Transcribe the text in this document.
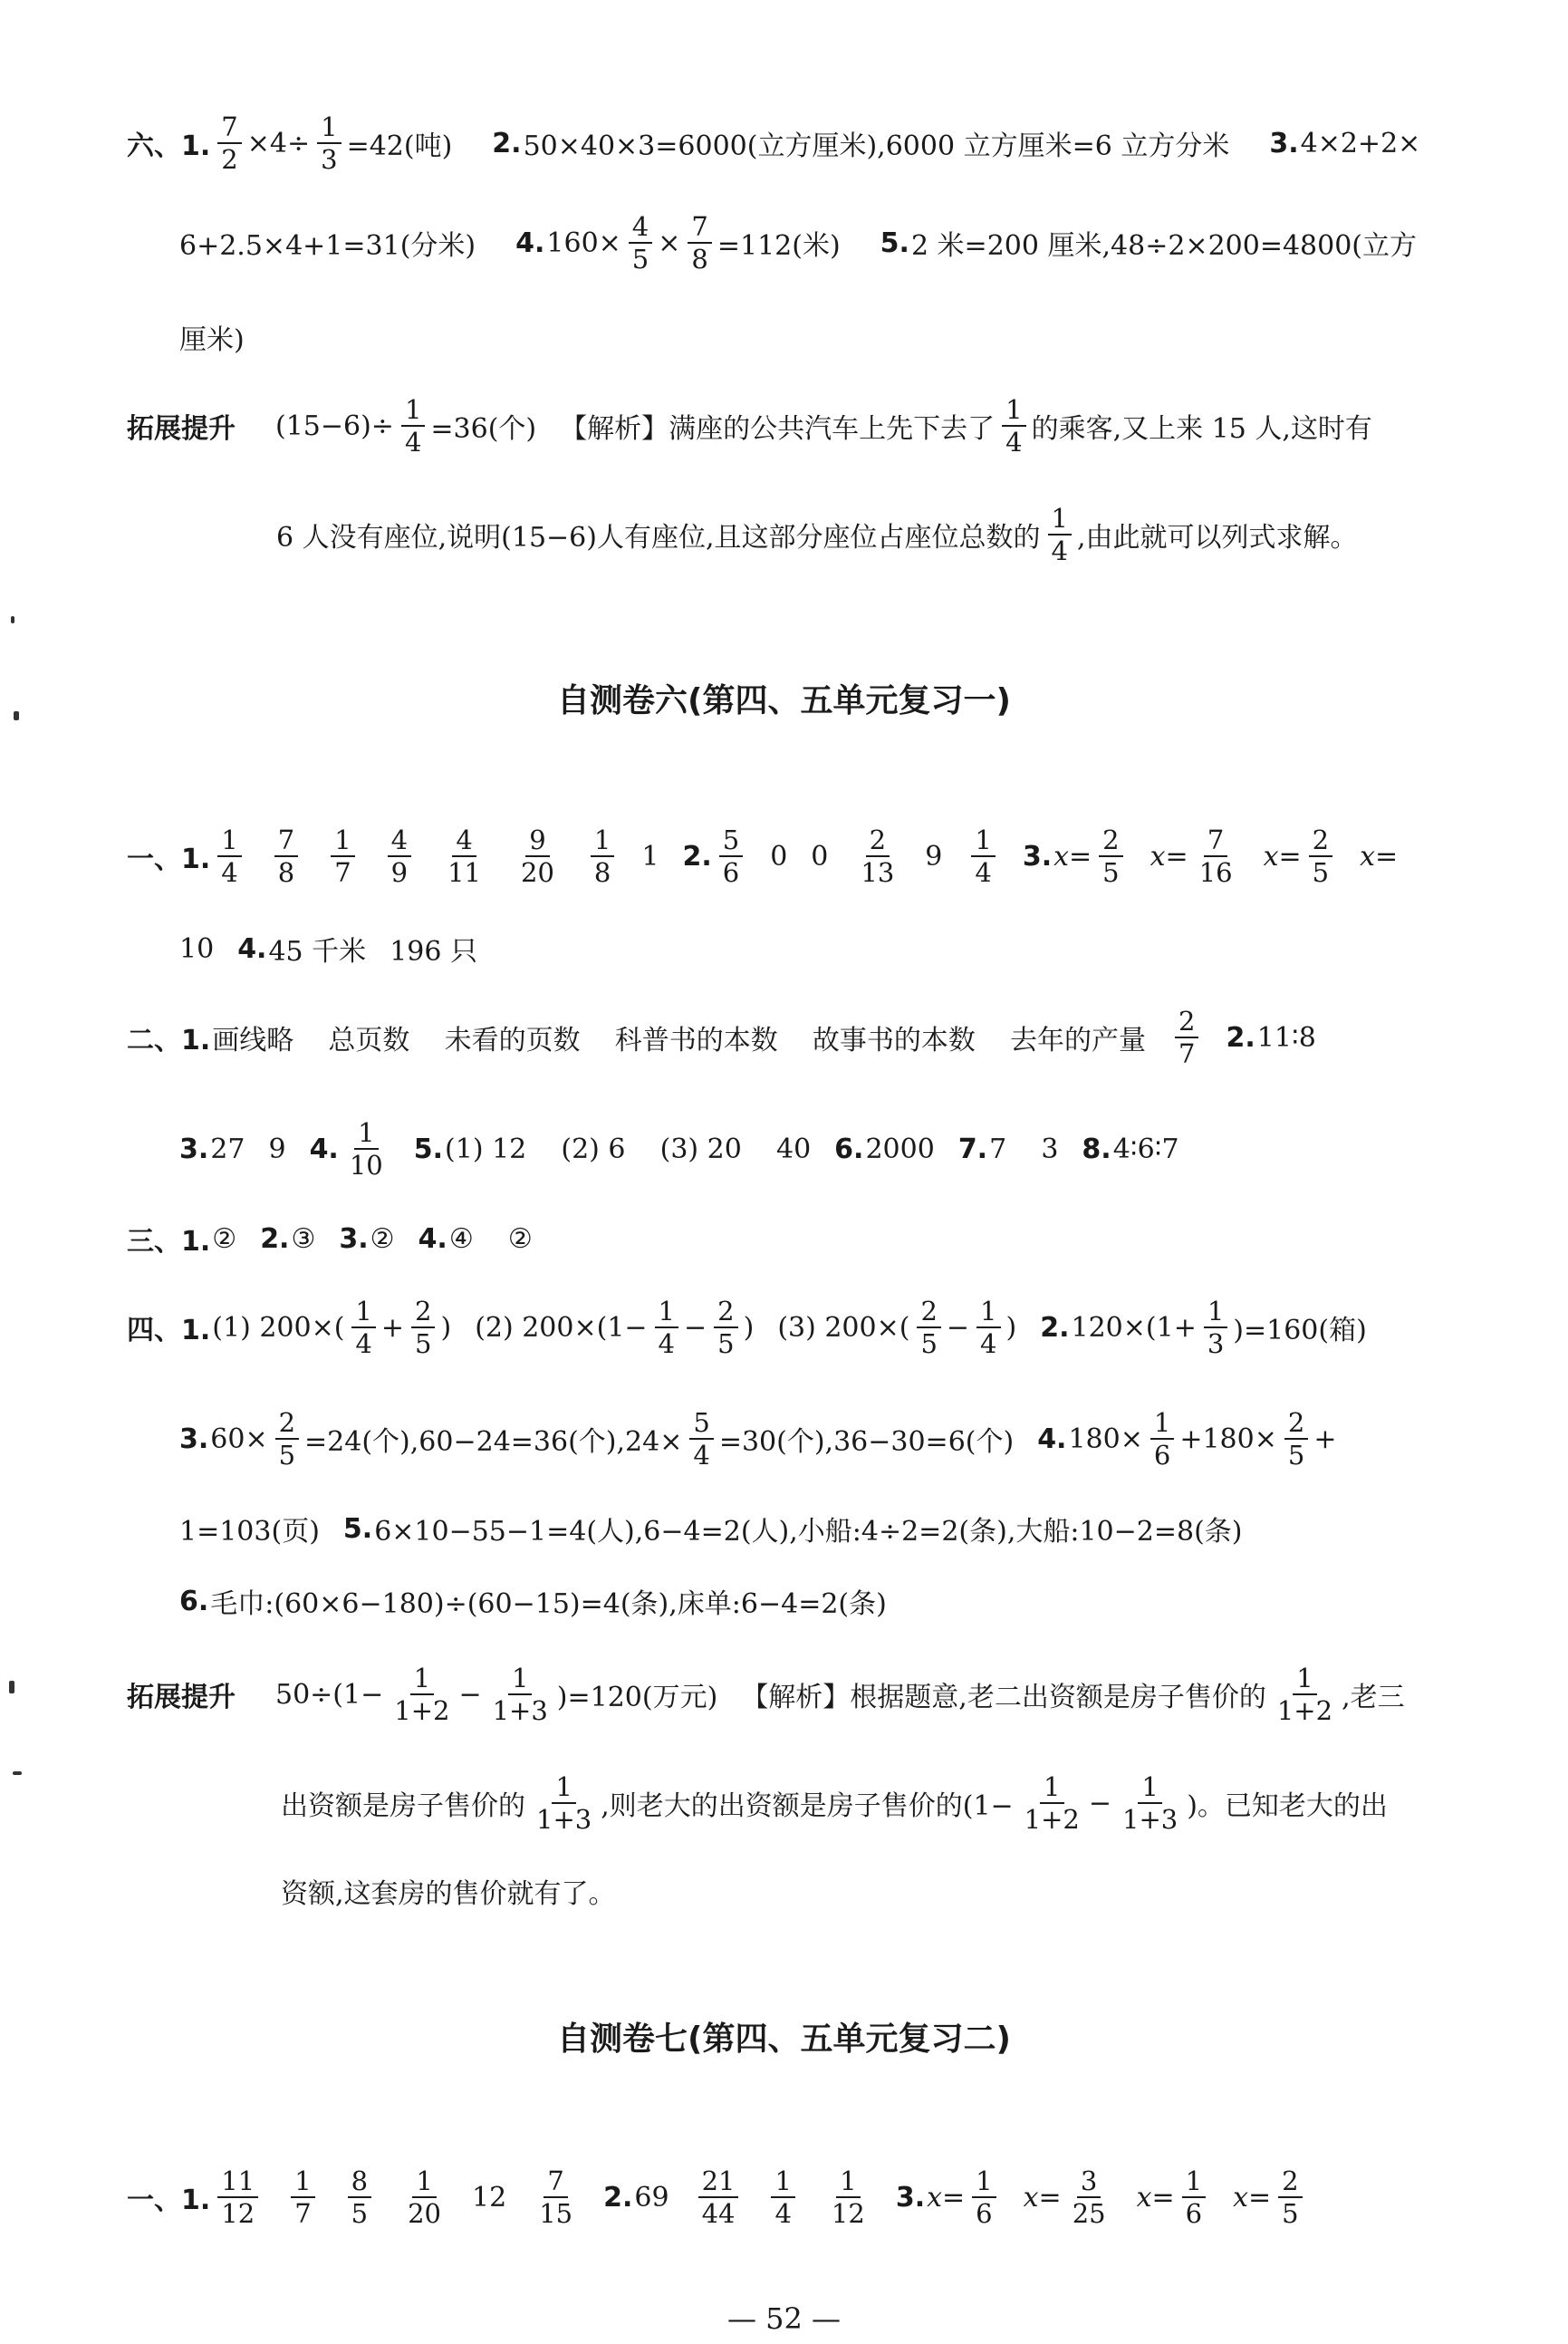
六、1. $\frac{7}{2} \times 4\div \frac{1}{3} =42$(吨) 2. 50×40×3=6000(立方厘米),6000 立方厘米=6 立方分米 3. 4×2+2×
6+2.5×4+1=31(分米) 4. $160\times \frac{4}{5} \times \frac{7}{8} =112$(米) 5. 2 米=200 厘米,48÷2×200=4800(立方
厘米)
拓展提升 $(15-6)\div \frac{1}{4} =36$(个) 【解析】满座的公共汽车上先下去了 $\frac{1}{4}$ 的乘客,又上来 15 人,这时有
6 人没有座位,说明(15−6)人有座位,且这部分座位占座位总数的 $\frac{1}{4}$ ,由此就可以列式求解。
自测卷六(第四、五单元复习一)
一、1. $\frac{1}{4} \frac{7}{8} \frac{1}{7} \frac{4}{9} \frac{4}{11} \frac{9}{20} \frac{1}{8} 1$ 2. $\frac{5}{6} 0$ $0 \frac{2}{13} 9 \frac{1}{4} 3$. $x= \frac{2}{5} x= \frac{7}{16} x= \frac{2}{5} x=$
10 4. 45 千米 196 只
二、1. 画线略    总页数    未看的页数    科普书的本数    故事书的本数    去年的产量 $\frac{2}{7} 2$. 11∶8
3. 27 9 4. $\frac{1}{10} 5$. (1) 12    (2) 6    (3) 20    40 6. 2000 7. 7    3 8. 4∶6∶7
三、1. ② 2. ③ 3. ② 4. ④    ②
四、1. (1) $200\times( \frac{1}{4} + \frac{2}{5}$ ) (2) $200\times(1- \frac{1}{4} - \frac{2}{5}$ ) (3) $200\times( \frac{2}{5} - \frac{1}{4}$ ) 2. $120\times(1+ \frac{1}{3} )=160$(箱)
3. $60\times \frac{2}{5} =24$(个),60−24=36(个)$,24\times \frac{5}{4} =30$(个),36−30=6(个) 4. $180\times \frac{1}{6} +180\times \frac{2}{5}$ +
1=103(页) 5. 6×10−55−1=4(人),6−4=2(人),小船:4÷2=2(条),大船:10−2=8(条)
6. 毛巾:(60×6−180)÷(60−15)=4(条),床单:6−4=2(条)
拓展提升 $50\div(1- \frac{1}{1+2} - \frac{1}{1+3} )=120$(万元) 【解析】根据题意,老二出资额是房子售价的 $\frac{1}{1+2}$ ,老三
出资额是房子售价的 $\frac{1}{1+3}$ ,则老大的出资额是房子售价的($1- \frac{1}{1+2} - \frac{1}{1+3}$ )。已知老大的出
资额,这套房的售价就有了。
自测卷七(第四、五单元复习二)
一、1. $\frac{11}{12} \frac{1}{7} \frac{8}{5} \frac{1}{20} 12 \frac{7}{15} 2$. $69 \frac{21}{44} \frac{1}{4} \frac{1}{12} 3$. $x= \frac{1}{6} x= \frac{3}{25} x= \frac{1}{6} x= \frac{2}{5}$
— 52 —
